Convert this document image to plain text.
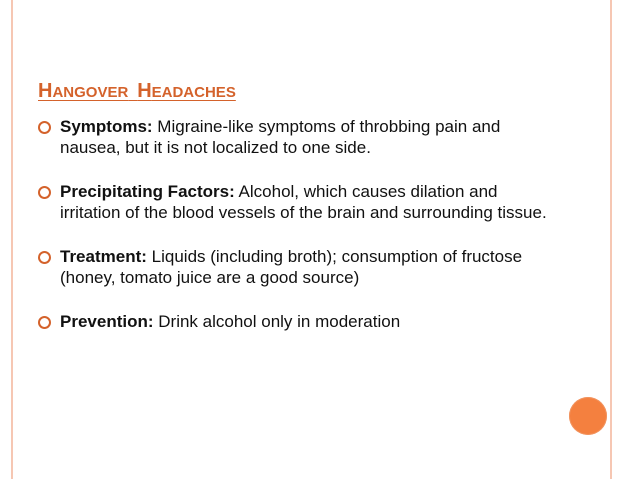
HANGOVER HEADACHES
Symptoms: Migraine-like symptoms of throbbing pain and nausea, but it is not localized to one side.
Precipitating Factors: Alcohol, which causes dilation and irritation of the blood vessels of the brain and surrounding tissue.
Treatment: Liquids (including broth); consumption of fructose (honey, tomato juice are a good source)
Prevention: Drink alcohol only in moderation
